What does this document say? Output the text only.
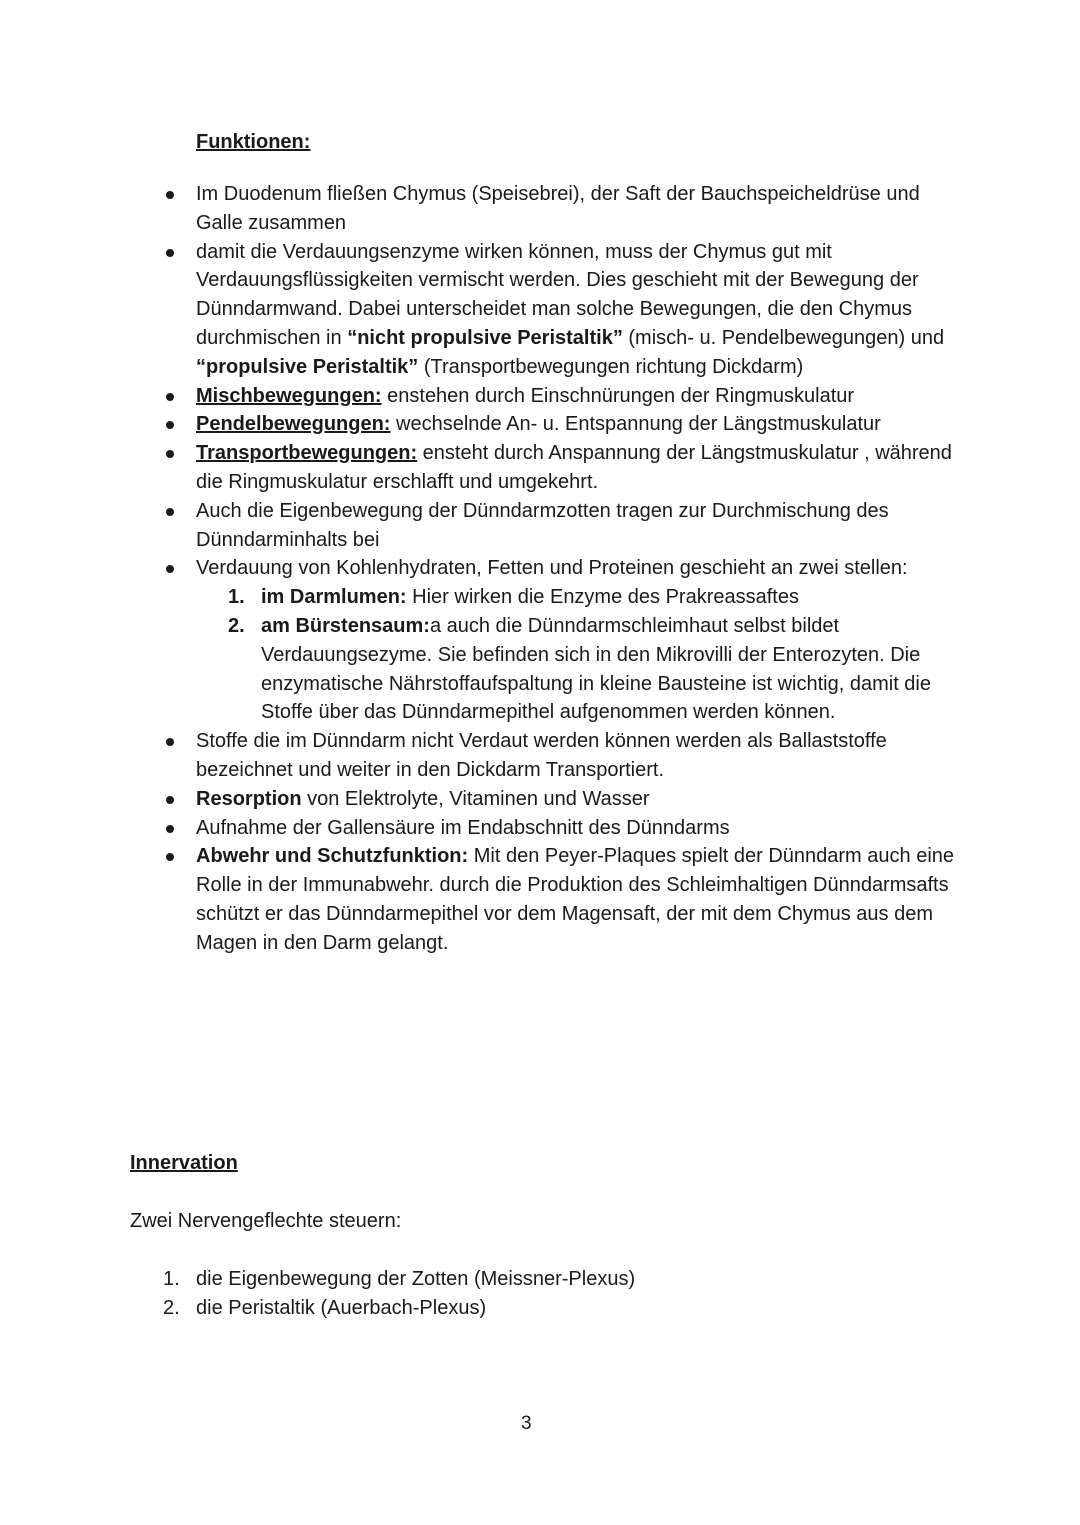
Funktionen:
Im Duodenum fließen Chymus (Speisebrei), der Saft der Bauchspeicheldrüse und Galle zusammen
damit die Verdauungsenzyme wirken können, muss der Chymus gut mit Verdauungsflüssigkeiten vermischt werden. Dies geschieht mit der Bewegung der Dünndarmwand. Dabei unterscheidet man solche Bewegungen, die den Chymus durchmischen in “nicht propulsive Peristaltik” (misch- u. Pendelbewegungen) und “propulsive Peristaltik” (Transportbewegungen richtung Dickdarm)
Mischbewegungen: enstehen durch Einschnürungen der Ringmuskulatur
Pendelbewegungen: wechselnde An- u. Entspannung der Längstmuskulatur
Transportbewegungen: ensteht durch Anspannung der Längstmuskulatur , während die Ringmuskulatur erschlafft und umgekehrt.
Auch die Eigenbewegung der Dünndarmzotten tragen zur Durchmischung des Dünndarminhalts bei
Verdauung von Kohlenhydraten, Fetten und Proteinen geschieht an zwei stellen:
1. im Darmlumen: Hier wirken die Enzyme des Prakreassaftes
2. am Bürstensaum:a auch die Dünndarmschleimhaut selbst bildet Verdauungsezyme. Sie befinden sich in den Mikrovilli der Enterozyten. Die enzymatische Nährstoffaufspaltung in kleine Bausteine ist wichtig, damit die Stoffe über das Dünndarmepithel aufgenommen werden können.
Stoffe die im Dünndarm nicht Verdaut werden können werden als Ballaststoffe bezeichnet und weiter in den Dickdarm Transportiert.
Resorption von Elektrolyte, Vitaminen und Wasser
Aufnahme der Gallensäure im Endabschnitt des Dünndarms
Abwehr und Schutzfunktion: Mit den Peyer-Plaques spielt der Dünndarm auch eine Rolle in der Immunabwehr. durch die Produktion des Schleimhaltigen Dünndarmsafts schützt er das Dünndarmepithel vor dem Magensaft, der mit dem Chymus aus dem Magen in den Darm gelangt.
Innervation
Zwei Nervengeflechte steuern:
1. die Eigenbewegung der Zotten (Meissner-Plexus)
2. die Peristaltik (Auerbach-Plexus)
3
